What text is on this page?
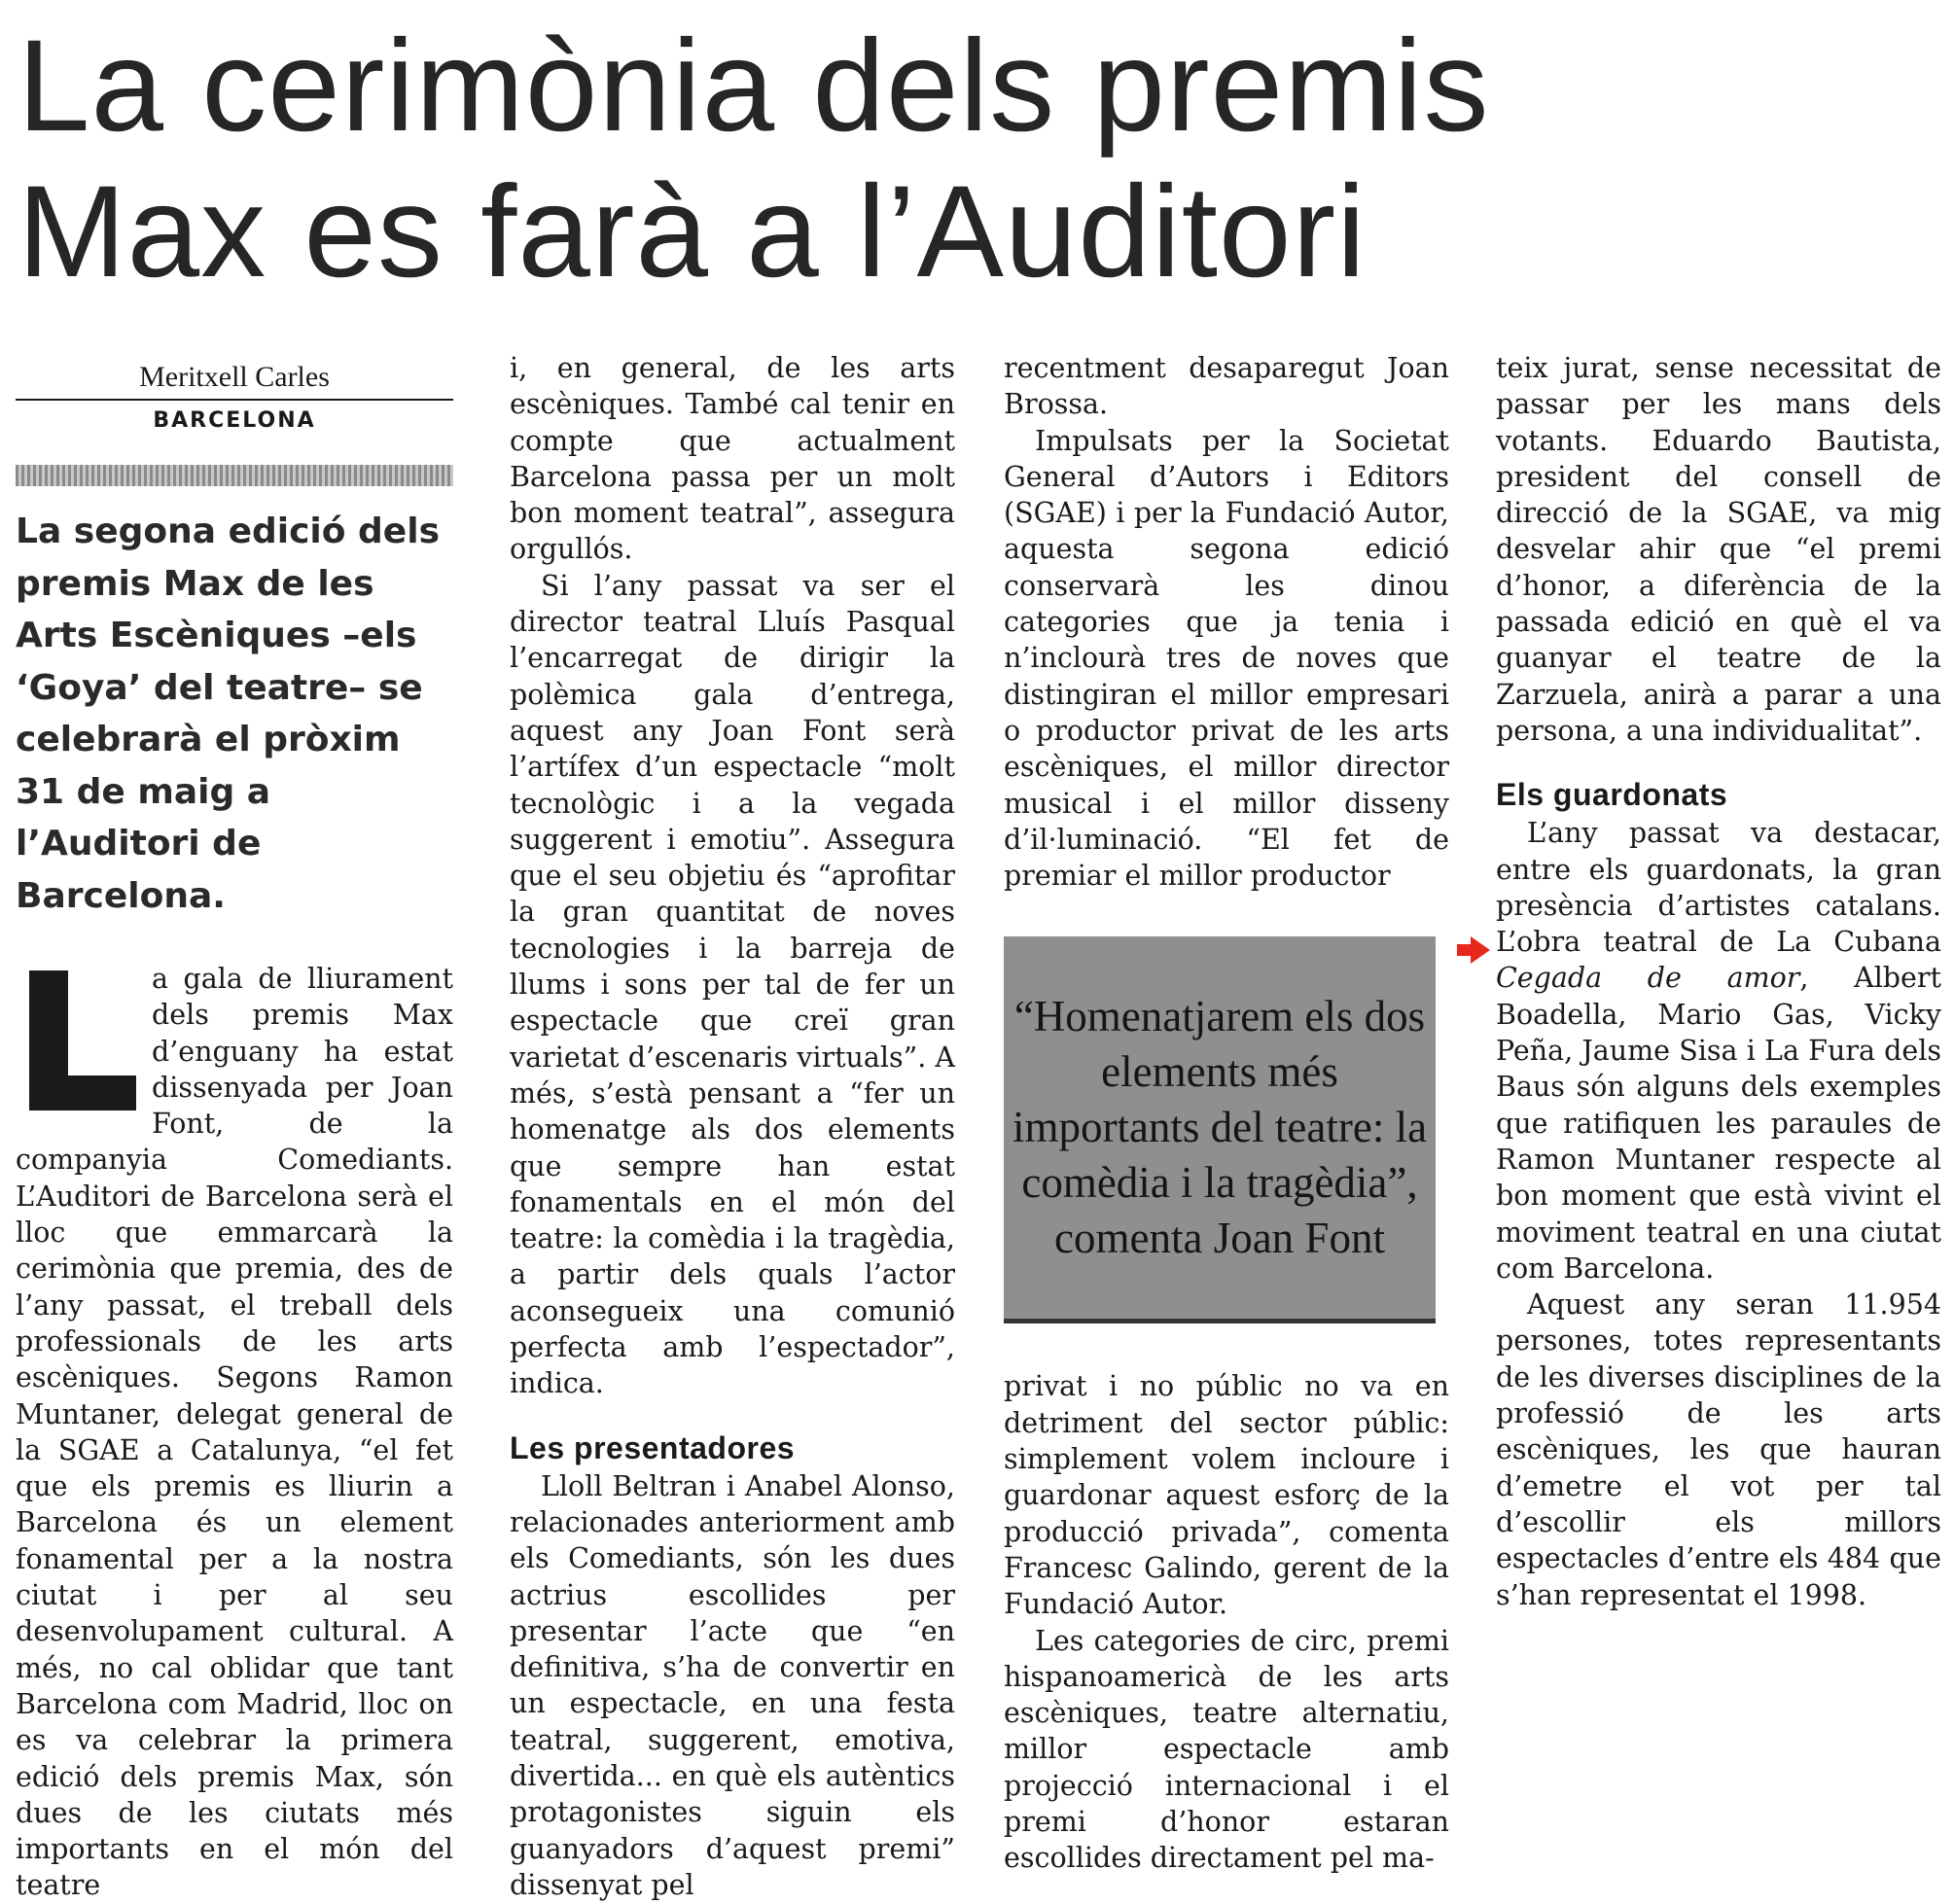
La cerimònia dels premis
Max es farà a l’Auditori
Meritxell Carles
BARCELONA

La segona edició dels premis Max de les Arts Escèniques –els ‘Goya’ del teatre– se celebrarà el pròxim 31 de maig a l’Auditori de Barcelona.

a gala de lliurament dels premis Max d’enguany ha estat dissenyada per Joan Font, de la companyia Comediants. L’Auditori de Barcelona serà el lloc que emmarcarà la cerimònia que premia, des de l’any passat, el treball dels professionals de les arts escèniques. Segons Ramon Muntaner, delegat general de la SGAE a Catalunya, “el fet que els premis es lliurin a Barcelona és un element fonamental per a la nostra ciutat i per al seu desenvolupament cultural. A més, no cal oblidar que tant Barcelona com Madrid, lloc on es va celebrar la primera edició dels premis Max, són dues de les ciutats més importants en el món del teatre

i, en general, de les arts escèniques. També cal tenir en compte que actualment Barcelona passa per un molt bon moment teatral”, assegura orgullós.

Si l’any passat va ser el director teatral Lluís Pasqual l’encarregat de dirigir la polèmica gala d’entrega, aquest any Joan Font serà l’artífex d’un espectacle “molt tecnològic i a la vegada suggerent i emotiu”. Assegura que el seu objetiu és “aprofitar la gran quantitat de noves tecnologies i la barreja de llums i sons per tal de fer un espectacle que creï gran varietat d’escenaris virtuals”. A més, s’està pensant a “fer un homenatge als dos elements que sempre han estat fonamentals en el món del teatre: la comèdia i la tragèdia, a partir dels quals l’actor aconsegueix una comunió perfecta amb l’espectador”, indica.

Les presentadores

Lloll Beltran i Anabel Alonso, relacionades anteriorment amb els Comediants, són les dues actrius escollides per presentar l’acte que “en definitiva, s’ha de convertir en un espectacle, en una festa teatral, suggerent, emotiva, divertida... en què els autèntics protagonistes siguin els guanyadors d’aquest premi” dissenyat pel

recentment desaparegut Joan Brossa.

Impulsats per la Societat General d’Autors i Editors (SGAE) i per la Fundació Autor, aquesta segona edició conservarà les dinou categories que ja tenia i n’inclourà tres de noves que distingiran el millor empresari o productor privat de les arts escèniques, el millor director musical i el millor disseny d’il·luminació. “El fet de premiar el millor productor

“Homenatjarem els dos elements més importants del teatre: la comèdia i la tragèdia”, comenta Joan Font

privat i no públic no va en detriment del sector públic: simplement volem incloure i guardonar aquest esforç de la producció privada”, comenta Francesc Galindo, gerent de la Fundació Autor.

Les categories de circ, premi hispanoamericà de les arts escèniques, teatre alternatiu, millor espectacle amb projecció internacional i el premi d’honor estaran escollides directament pel ma-

teix jurat, sense necessitat de passar per les mans dels votants. Eduardo Bautista, president del consell de direcció de la SGAE, va mig desvelar ahir que “el premi d’honor, a diferència de la passada edició en què el va guanyar el teatre de la Zarzuela, anirà a parar a una persona, a una individualitat”.

Els guardonats

L’any passat va destacar, entre els guardonats, la gran presència d’artistes catalans. L’obra teatral de La Cubana Cegada de amor, Albert Boadella, Mario Gas, Vicky Peña, Jaume Sisa i La Fura dels Baus són alguns dels exemples que ratifiquen les paraules de Ramon Muntaner respecte al bon moment que està vivint el moviment teatral en una ciutat com Barcelona.

Aquest any seran 11.954 persones, totes representants de les diverses disciplines de la professió de les arts escèniques, les que hauran d’emetre el vot per tal d’escollir els millors espectacles d’entre els 484 que s’han representat el 1998.
